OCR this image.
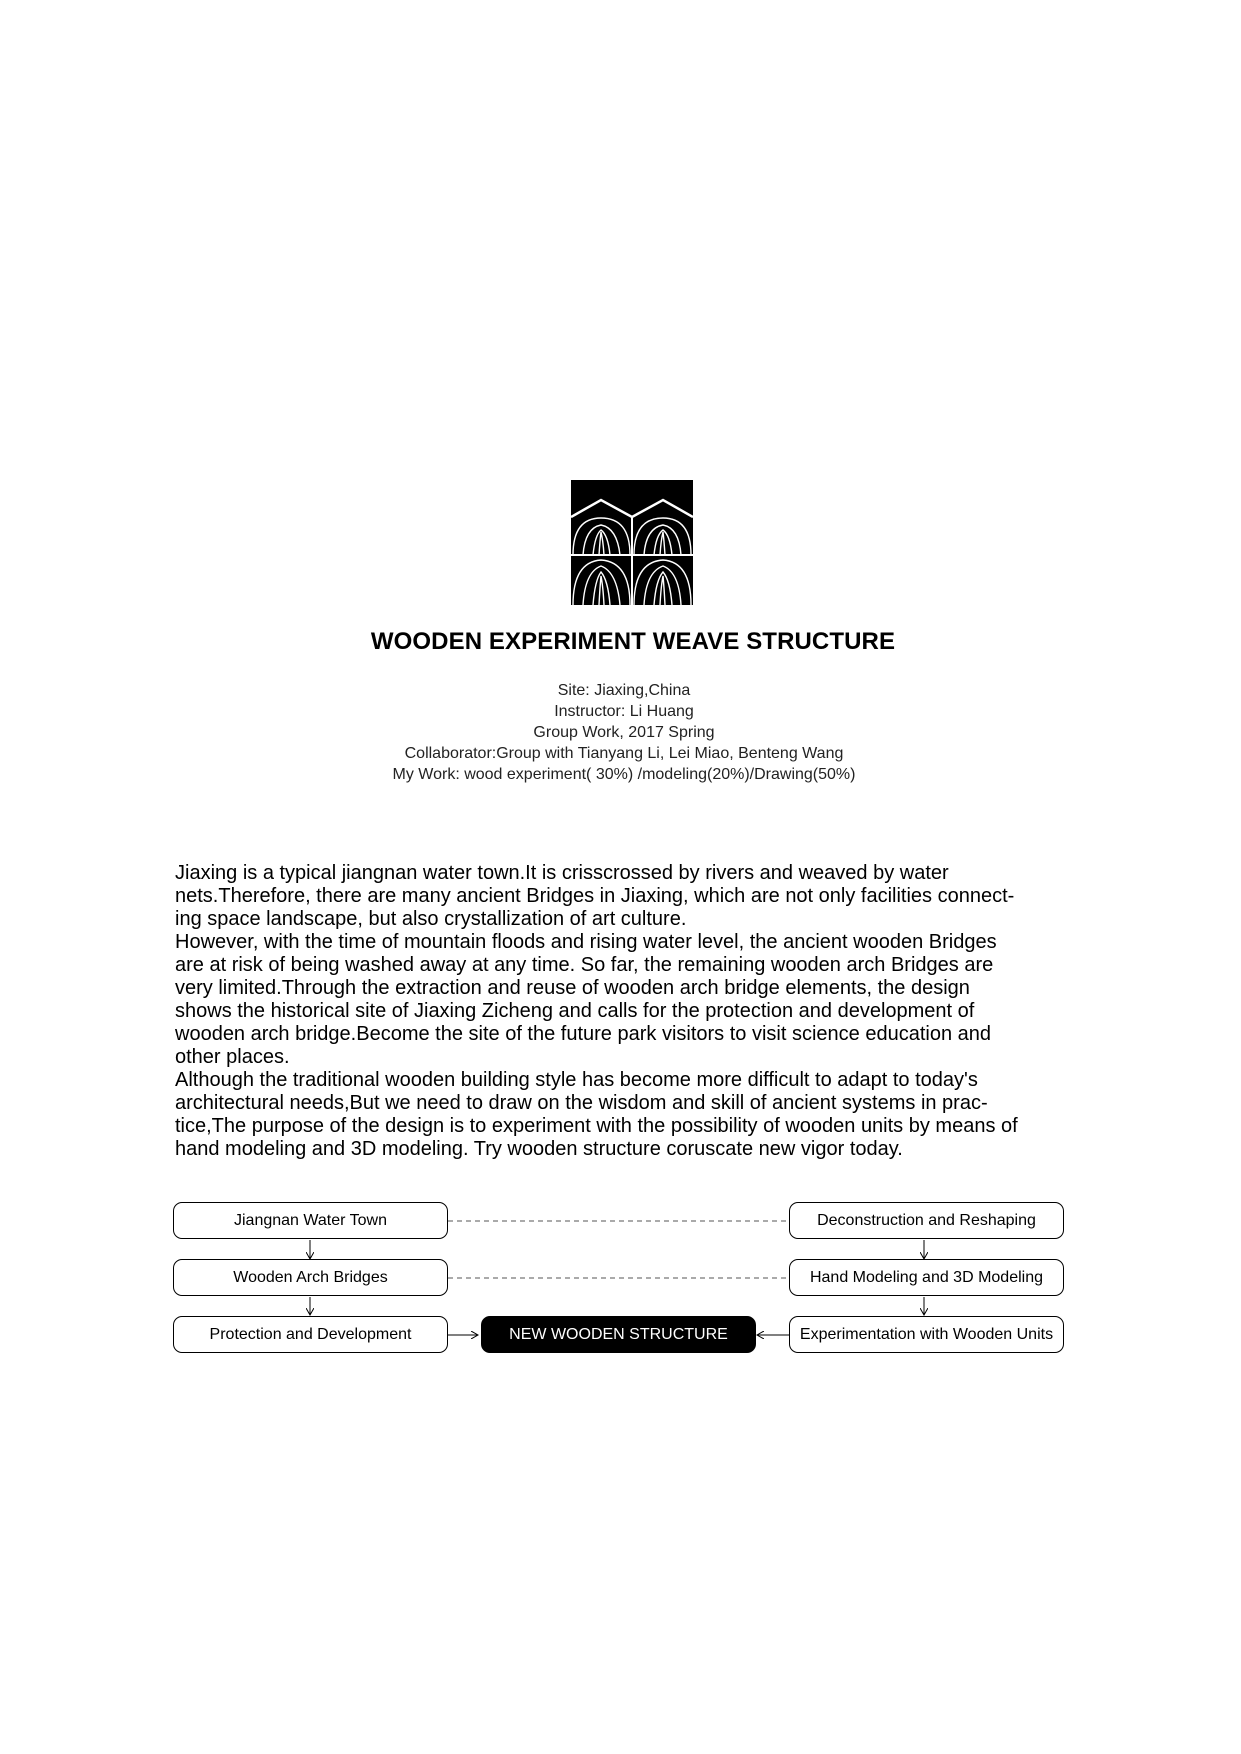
WOODEN EXPERIMENT WEAVE STRUCTURE
Site: Jiaxing,China
Instructor: Li Huang
Group Work, 2017 Spring
Collaborator:Group with Tianyang Li, Lei Miao, Benteng Wang
My Work: wood experiment( 30%) /modeling(20%)/Drawing(50%)
Jiaxing is a typical jiangnan water town.It is crisscrossed by rivers and weaved by water
nets.Therefore, there are many ancient Bridges in Jiaxing, which are not only facilities connect-
ing space landscape, but also crystallization of art culture.
However, with the time of mountain floods and rising water level, the ancient wooden Bridges
are at risk of being washed away at any time. So far, the remaining wooden arch Bridges are
very limited.Through the extraction and reuse of wooden arch bridge elements, the design
shows the historical site of Jiaxing Zicheng and calls for the protection and development of
wooden arch bridge.Become the site of the future park visitors to visit science education and
other places.
Although the traditional wooden building style has become more difficult to adapt to today's
architectural needs,But we need to draw on the wisdom and skill of ancient systems in prac-
tice,The purpose of the design is to experiment with the possibility of wooden units by means of
hand modeling and 3D modeling. Try wooden structure coruscate new vigor today.
Jiangnan Water Town
Wooden Arch Bridges
Protection and Development
Deconstruction and Reshaping
Hand Modeling and 3D Modeling
Experimentation with Wooden Units
NEW WOODEN STRUCTURE
